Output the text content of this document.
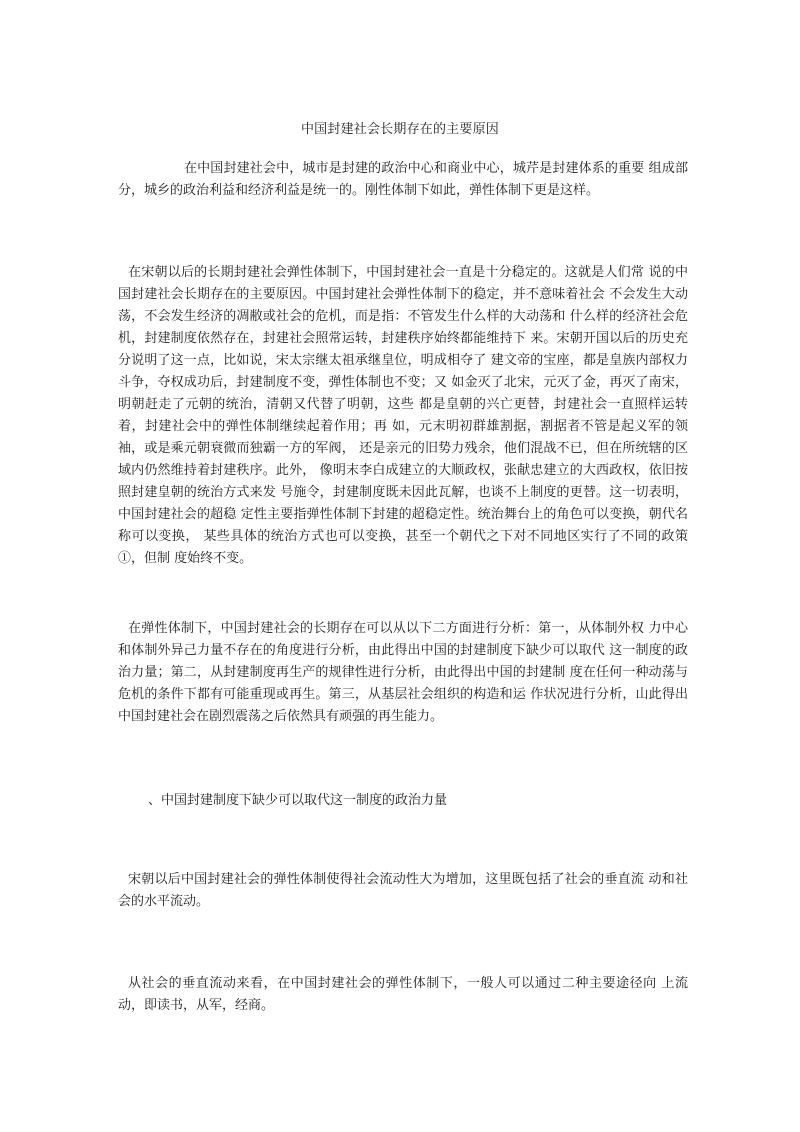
中国封建社会长期存在的主要原因

在中国封建社会中，城市是封建的政治中心和商业中心，城芹是封建体系的重要 组成部分，城乡的政治利益和经济利益是统一的。刚性体制下如此，弹性体制下更是这样。

在宋朝以后的长期封建社会弹性体制下，中国封建社会一直是十分稳定的。这就是人们常 说的中国封建社会长期存在的主要原因。中国封建社会弹性体制下的稳定，并不意味着社会 不会发生大动荡，不会发生经济的凋敝或社会的危机，而是指：不管发生什么样的大动荡和 什么样的经济社会危机，封建制度依然存在，封建社会照常运转，封建秩序始终都能维持下 来。宋朝开国以后的历史充分说明了这一点，比如说，宋太宗继太祖承继皇位，明成相夺了 建文帝的宝座，都是皇族内部权力斗争，夺权成功后，封建制度不变，弹性体制也不变；又 如金灭了北宋，元灭了金，再灭了南宋，明朝赶走了元朝的统治，清朝又代替了明朝，这些 都是皇朝的兴亡更替，封建社会一直照样运转着，封建社会中的弹性体制继续起着作用；再 如，元末明初群雄割据，割据者不管是起义军的领袖，或是乘元朝衰微而独霸一方的军阀， 还是亲元的旧势力残余，他们混战不已，但在所统辖的区域内仍然维持着封建秩序。此外， 像明末李白成建立的大顺政权，张献忠建立的大西政权，依旧按照封建皇朝的统治方式来发 号施令，封建制度既未因此瓦解，也谈不上制度的更替。这一切表明，中国封建社会的超稳 定性主要指弹性体制下封建的超稳定性。统治舞台上的角色可以变换，朝代名称可以变换， 某些具体的统治方式也可以变换，甚至一个朝代之下对不同地区实行了不同的政策①，但制 度始终不变。

在弹性体制下，中国封建社会的长期存在可以从以下二方面进行分析：第一，从体制外权 力中心和体制外异己力量不存在的角度进行分析，由此得出中国的封建制度下缺少可以取代 这一制度的政治力量；第二，从封建制度再生产的规律性进行分析，由此得出中国的封建制 度在任何一种动荡与危机的条件下都有可能重现或再生。第三，从基层社会组织的构造和运 作状况进行分析，山此得出中国封建社会在剧烈震荡之后依然具有顽强的再生能力。

、中国封建制度下缺少可以取代这一制度的政治力量

宋朝以后中国封建社会的弹性体制使得社会流动性大为增加，这里既包括了社会的垂直流 动和社会的水平流动。

从社会的垂直流动来看，在中国封建社会的弹性体制下，一般人可以通过二种主要途径向 上流动，即读书，从军，经商。
